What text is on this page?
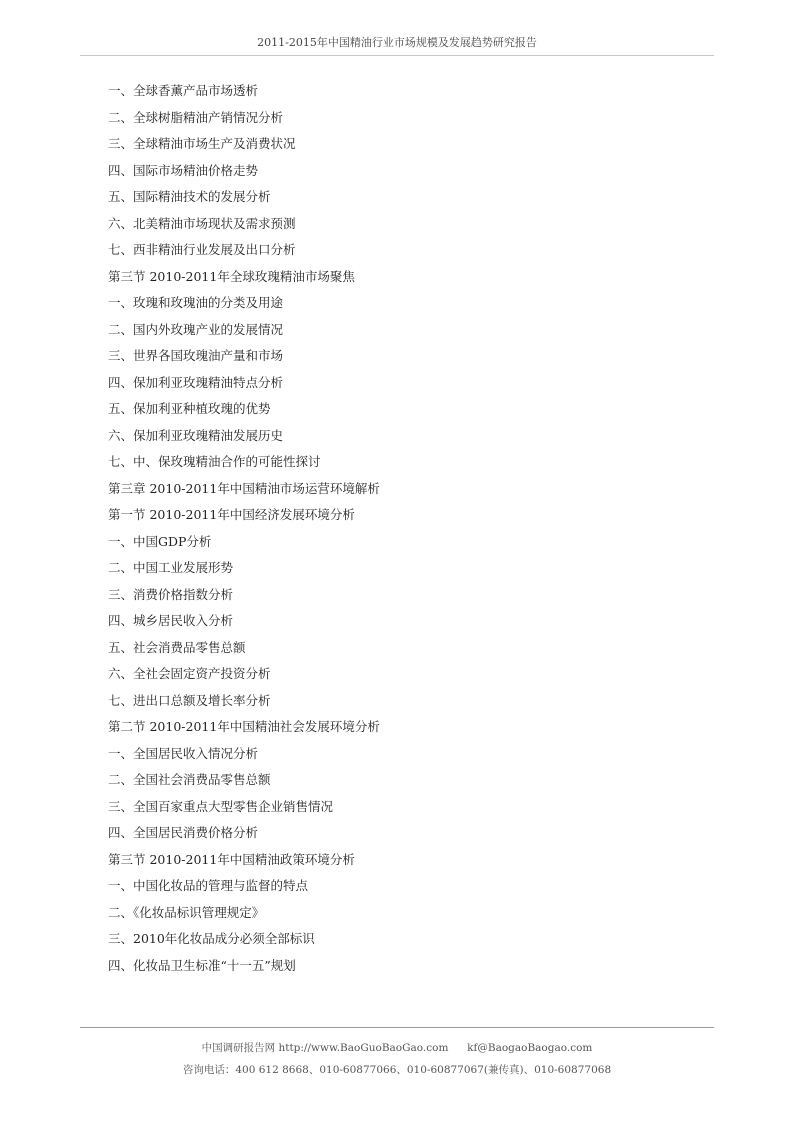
2011-2015年中国精油行业市场规模及发展趋势研究报告
一、全球香薰产品市场透析
二、全球树脂精油产销情况分析
三、全球精油市场生产及消费状况
四、国际市场精油价格走势
五、国际精油技术的发展分析
六、北美精油市场现状及需求预测
七、西非精油行业发展及出口分析
第三节 2010-2011年全球玫瑰精油市场聚焦
一、玫瑰和玫瑰油的分类及用途
二、国内外玫瑰产业的发展情况
三、世界各国玫瑰油产量和市场
四、保加利亚玫瑰精油特点分析
五、保加利亚种植玫瑰的优势
六、保加利亚玫瑰精油发展历史
七、中、保玫瑰精油合作的可能性探讨
第三章 2010-2011年中国精油市场运营环境解析
第一节 2010-2011年中国经济发展环境分析
一、中国GDP分析
二、中国工业发展形势
三、消费价格指数分析
四、城乡居民收入分析
五、社会消费品零售总额
六、全社会固定资产投资分析
七、进出口总额及增长率分析
第二节 2010-2011年中国精油社会发展环境分析
一、全国居民收入情况分析
二、全国社会消费品零售总额
三、全国百家重点大型零售企业销售情况
四、全国居民消费价格分析
第三节 2010-2011年中国精油政策环境分析
一、中国化妆品的管理与监督的特点
二、《化妆品标识管理规定》
三、2010年化妆品成分必须全部标识
四、化妆品卫生标准“十一五”规划
中国调研报告网 http://www.BaoGuoBaoGao.com kf@BaogaoBaogao.com
咨询电话：400 612 8668、010-60877066、010-60877067(兼传真)、010-60877068
